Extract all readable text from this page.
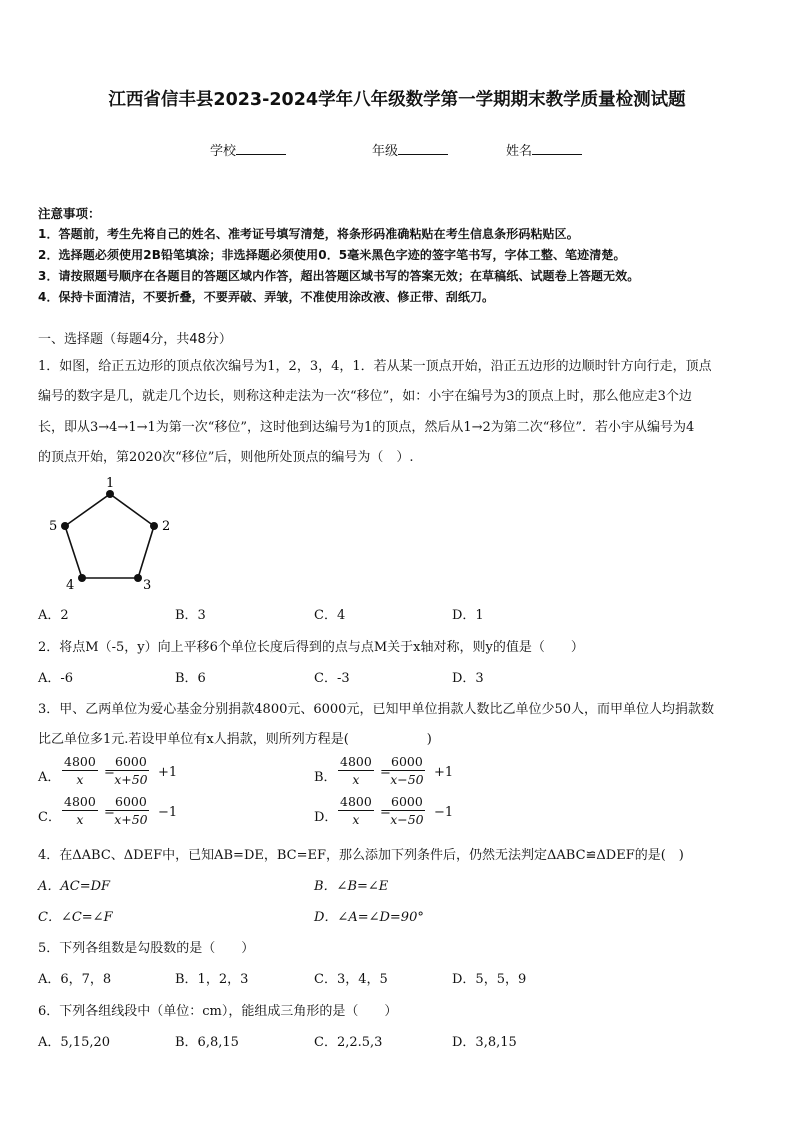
江西省信丰县2023-2024学年八年级数学第一学期期末教学质量检测试题
学校	年级	姓名
注意事项：
1．答题前，考生先将自己的姓名、准考证号填写清楚，将条形码准确粘贴在考生信息条形码粘贴区。
2．选择题必须使用2B铅笔填涂；非选择题必须使用0．5毫米黑色字迹的签字笔书写，字体工整、笔迹清楚。
3．请按照题号顺序在各题目的答题区域内作答，超出答题区域书写的答案无效；在草稿纸、试题卷上答题无效。
4．保持卡面清洁，不要折叠，不要弄破、弄皱，不准使用涂改液、修正带、刮纸刀。
一、选择题（每题4分，共48分）
1．如图，给正五边形的顶点依次编号为1，2，3，4，1．若从某一顶点开始，沿正五边形的边顺时针方向行走，顶点
编号的数字是几，就走几个边长，则称这种走法为一次“移位”，如：小宇在编号为3的顶点上时，那么他应走3个边
长，即从3→4→1→1为第一次“移位”，这时他到达编号为1的顶点，然后从1→2为第二次“移位”．若小宇从编号为4
的顶点开始，第2020次“移位”后，则他所处顶点的编号为（　）.
1
2
3
4
5
A．2	B．3	C．4	D．1
2．将点M（-5，y）向上平移6个单位长度后得到的点与点M关于x轴对称，则y的值是（　　）
A．-6	B．6	C．-3	D．3
3．甲、乙两单位为爱心基金分别捐款4800元、6000元，已知甲单位捐款人数比乙单位少50人，而甲单位人均捐款数
比乙单位多1元.若设甲单位有x人捐款，则所列方程是(　　　　　　)
A． $\frac{4800}{x}$ =
$\frac{6000}{x+50} +1$	B． $\frac{4800}{x}$ =
$\frac{6000}{x-50} +1$
C． $\frac{4800}{x}$ =
$\frac{6000}{x+50} -1$	D． $\frac{4800}{x}$ =
$\frac{6000}{x-50} -1$
4．在ΔABC、ΔDEF中，已知AB=DE，BC=EF，那么添加下列条件后，仍然无法判定ΔABC≌ΔDEF的是(　)
A．AC=DF	B．∠B=∠E
C．∠C=∠F	D．∠A=∠D=90°
5．下列各组数是勾股数的是（　　）
A．6，7，8	B．1，2，3	C．3，4，5	D．5，5，9
6．下列各组线段中（单位：cm），能组成三角形的是（　　）
A．5,15,20	B．6,8,15	C．2,2.5,3	D．3,8,15
